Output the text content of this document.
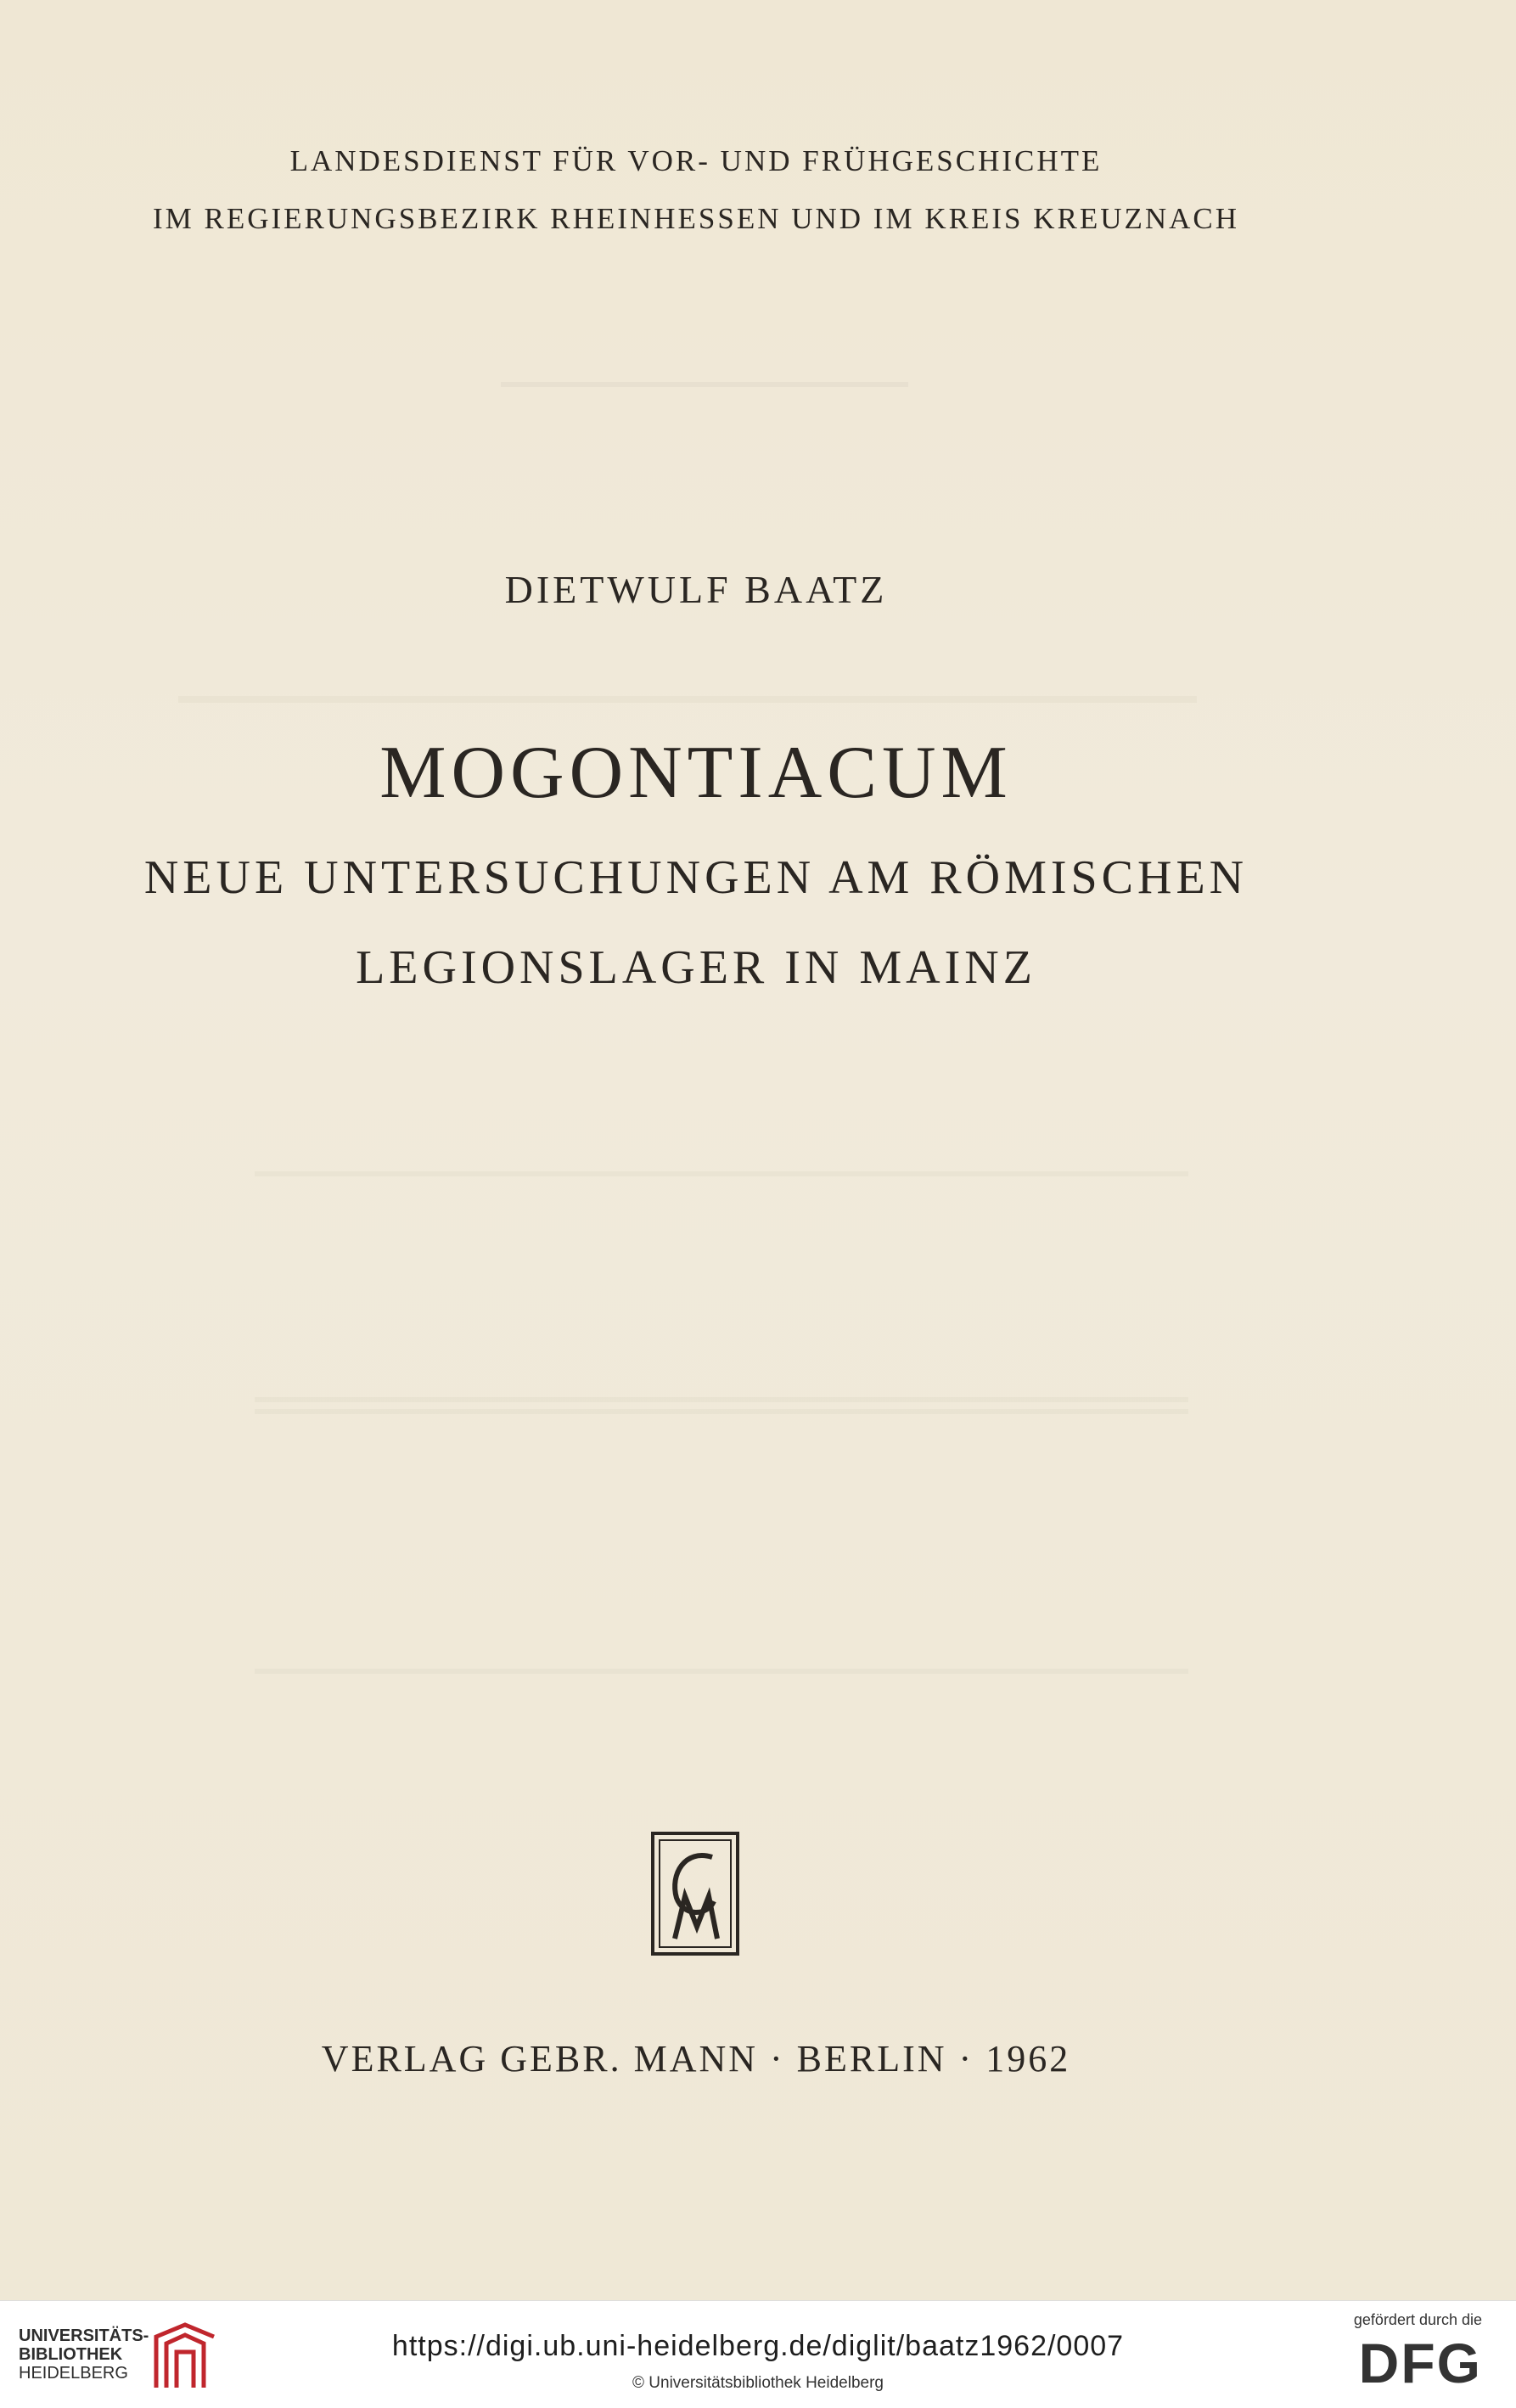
LANDESDIENST FÜR VOR- UND FRÜHGESCHICHTE
IM REGIERUNGSBEZIRK RHEINHESSEN UND IM KREIS KREUZNACH
DIETWULF BAATZ
MOGONTIACUM
NEUE UNTERSUCHUNGEN AM RÖMISCHEN
LEGIONSLAGER IN MAINZ
VERLAG GEBR. MANN · BERLIN · 1962
UNIVERSITÄTS-
BIBLIOTHEK
HEIDELBERG
https://digi.ub.uni-heidelberg.de/diglit/baatz1962/0007
© Universitätsbibliothek Heidelberg
gefördert durch die
DFG
